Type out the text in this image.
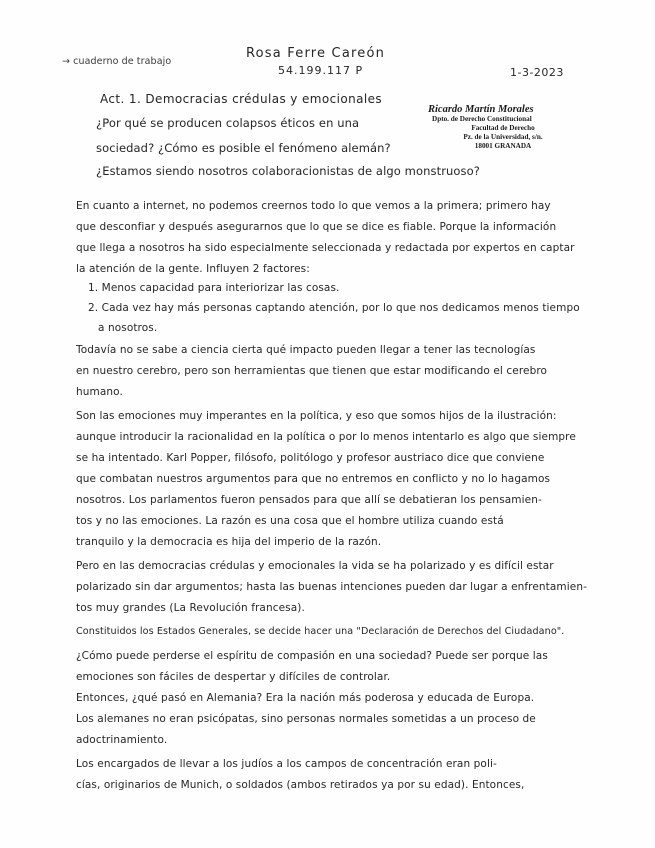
→ cuaderno de trabajo
Rosa Ferre Careón
54.199.117 P	1-3-2023
Act. 1. Democracias crédulas y emocionales
¿Por qué se producen colapsos éticos en una
sociedad? ¿Cómo es posible el fenómeno alemán?
¿Estamos siendo nosotros colaboracionistas de algo monstruoso?
Ricardo Martín Morales
Dpto. de Derecho Constitucional
Facultad de Derecho
Pz. de la Universidad, s/n.
18001 GRANADA
En cuanto a internet, no podemos creernos todo lo que vemos a la primera; primero hay
que desconfiar y después asegurarnos que lo que se dice es fiable. Porque la información
que llega a nosotros ha sido especialmente seleccionada y redactada por expertos en captar
la atención de la gente. Influyen 2 factores:
1. Menos capacidad para interiorizar las cosas.
2. Cada vez hay más personas captando atención, por lo que nos dedicamos menos tiempo
a nosotros.
Todavía no se sabe a ciencia cierta qué impacto pueden llegar a tener las tecnologías
en nuestro cerebro, pero son herramientas que tienen que estar modificando el cerebro
humano.
Son las emociones muy imperantes en la política, y eso que somos hijos de la ilustración:
aunque introducir la racionalidad en la política o por lo menos intentarlo es algo que siempre
se ha intentado. Karl Popper, filósofo, politólogo y profesor austriaco dice que conviene
que combatan nuestros argumentos para que no entremos en conflicto y no lo hagamos
nosotros. Los parlamentos fueron pensados para que allí se debatieran los pensamien-
tos y no las emociones. La razón es una cosa que el hombre utiliza cuando está
tranquilo y la democracia es hija del imperio de la razón.
Pero en las democracias crédulas y emocionales la vida se ha polarizado y es difícil estar
polarizado sin dar argumentos; hasta las buenas intenciones pueden dar lugar a enfrentamien-
tos muy grandes (La Revolución francesa).
Constituidos los Estados Generales, se decide hacer una "Declaración de Derechos del Ciudadano".
¿Cómo puede perderse el espíritu de compasión en una sociedad? Puede ser porque las
emociones son fáciles de despertar y difíciles de controlar.
Entonces, ¿qué pasó en Alemania? Era la nación más poderosa y educada de Europa.
Los alemanes no eran psicópatas, sino personas normales sometidas a un proceso de
adoctrinamiento.
Los encargados de llevar a los judíos a los campos de concentración eran poli-
cías, originarios de Munich, o soldados (ambos retirados ya por su edad). Entonces,
